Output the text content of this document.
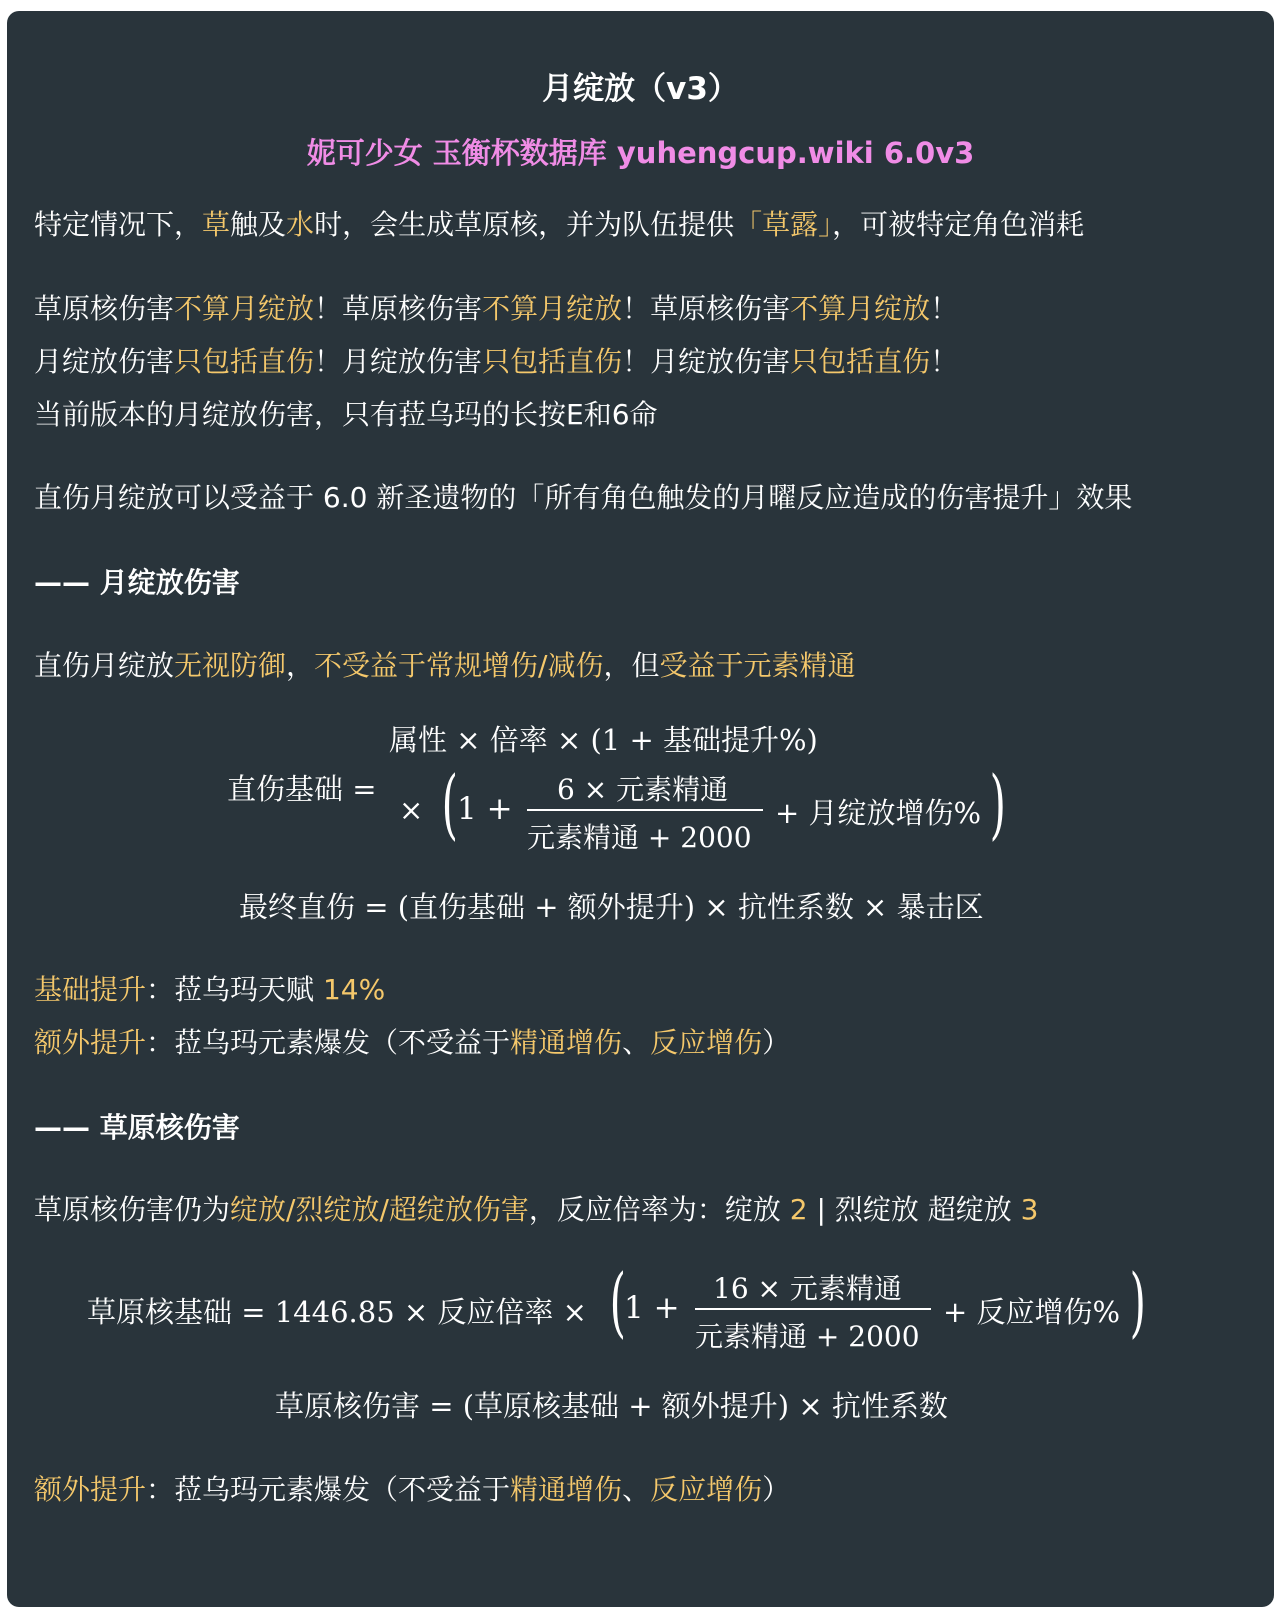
月绽放（v3）
妮可少女 玉衡杯数据库 yuhengcup.wiki 6.0v3
特定情况下，草触及水时，会生成草原核，并为队伍提供「草露」，可被特定角色消耗
草原核伤害不算月绽放！草原核伤害不算月绽放！草原核伤害不算月绽放！
月绽放伤害只包括直伤！月绽放伤害只包括直伤！月绽放伤害只包括直伤！
当前版本的月绽放伤害，只有菈乌玛的长按E和6命
直伤月绽放可以受益于 6.0 新圣遗物的「所有角色触发的月曜反应造成的伤害提升」效果
—— 月绽放伤害
直伤月绽放无视防御，不受益于常规增伤/减伤，但受益于元素精通
属性 × 倍率 × (1 + 基础提升%)
直伤基础 =
× ( 1 +
6 × 元素精通
元素精通 + 2000
+ 月绽放增伤% )
最终直伤 = (直伤基础 + 额外提升) × 抗性系数 × 暴击区
基础提升：菈乌玛天赋 14%
额外提升：菈乌玛元素爆发（不受益于精通增伤、反应增伤）
—— 草原核伤害
草原核伤害仍为绽放/烈绽放/超绽放伤害，反应倍率为：绽放 2 | 烈绽放 超绽放 3
草原核基础 = 1446.85 × 反应倍率 × (
1 +
16 × 元素精通
元素精通 + 2000
+ 反应增伤% )
草原核伤害 = (草原核基础 + 额外提升) × 抗性系数
额外提升：菈乌玛元素爆发（不受益于精通增伤、反应增伤）
